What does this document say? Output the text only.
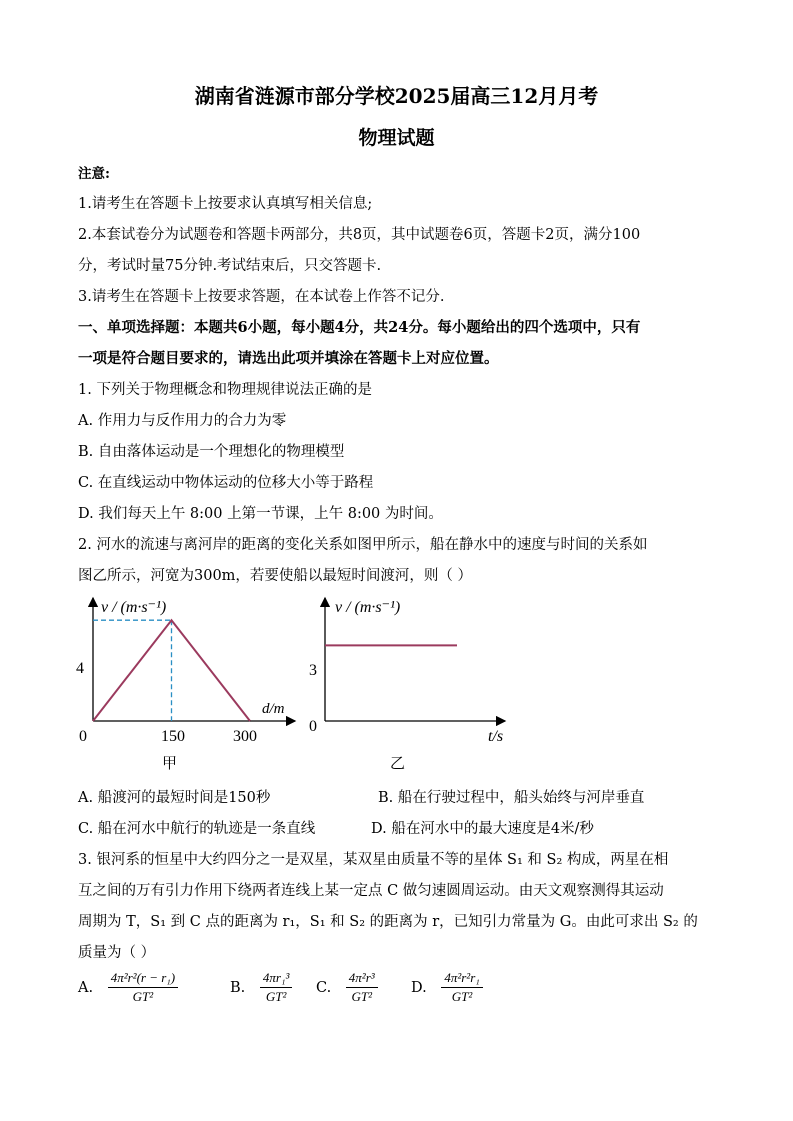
湖南省涟源市部分学校2025届高三12月月考
物理试题
注意:
1.请考生在答题卡上按要求认真填写相关信息;
2.本套试卷分为试题卷和答题卡两部分，共8页，其中试题卷6页，答题卡2页，满分100
分，考试时量75分钟.考试结束后，只交答题卡.
3.请考生在答题卡上按要求答题，在本试卷上作答不记分.
一、单项选择题：本题共6小题，每小题4分，共24分。每小题给出的四个选项中，只有
一项是符合题目要求的，请选出此项并填涂在答题卡上对应位置。
1. 下列关于物理概念和物理规律说法正确的是
A. 作用力与反作用力的合力为零
B. 自由落体运动是一个理想化的物理模型
C. 在直线运动中物体运动的位移大小等于路程
D. 我们每天上午 8:00 上第一节课，上午 8:00 为时间。
2. 河水的流速与离河岸的距离的变化关系如图甲所示，船在静水中的速度与时间的关系如
图乙所示，河宽为300m，若要使船以最短时间渡河，则（ ）
v / (m·s⁻¹)
4
d/m
0	150	300
甲
v / (m·s⁻¹)
3
0
t/s
乙
A. 船渡河的最短时间是150秒	B. 船在行驶过程中，船头始终与河岸垂直
C. 船在河水中航行的轨迹是一条直线	D. 船在河水中的最大速度是4米/秒
3. 银河系的恒星中大约四分之一是双星，某双星由质量不等的星体 S₁ 和 S₂ 构成，两星在相
互之间的万有引力作用下绕两者连线上某一定点 C 做匀速圆周运动。由天文观察测得其运动
周期为 T，S₁ 到 C 点的距离为 r₁，S₁ 和 S₂ 的距离为 r，已知引力常量为 G。由此可求出 S₂ 的
质量为（ ）
A. $\frac{\text{4π²r²(r − r₁)}}{\text{GT²}}$	B. $\frac{\text{4πr₁³}}{\text{GT²}} C$. $\frac{\text{4π²r³}}{\text{GT²}} D$. $\frac{\text{4π²r²r₁}}{\text{GT²}}$
